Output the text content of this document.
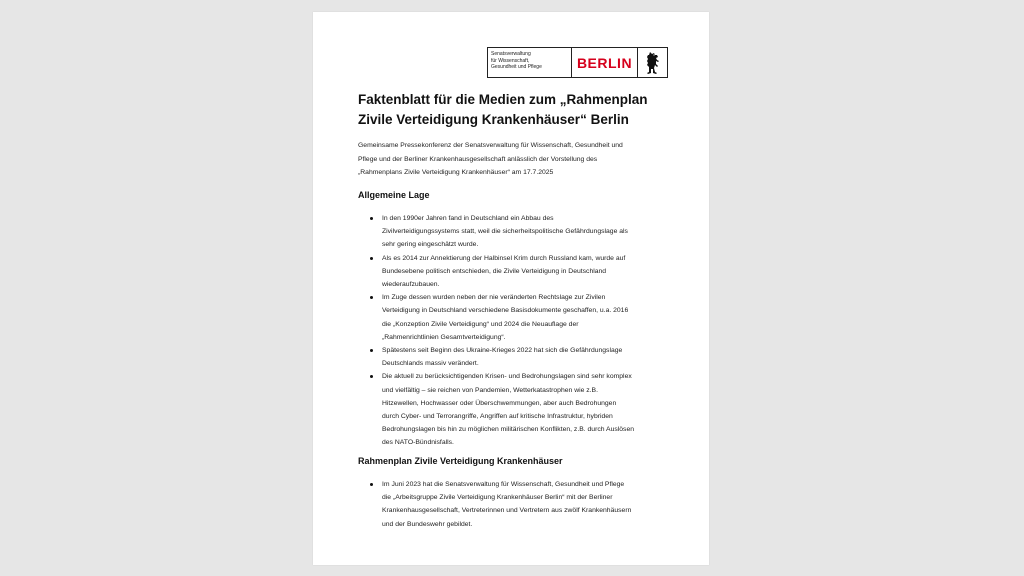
Senatsverwaltung
für Wissenschaft,
Gesundheit und Pflege	BERLIN
Faktenblatt für die Medien zum „Rahmenplan
Zivile Verteidigung Krankenhäuser“ Berlin
Gemeinsame Pressekonferenz der Senatsverwaltung für Wissenschaft, Gesundheit und
Pflege und der Berliner Krankenhausgesellschaft anlässlich der Vorstellung des
„Rahmenplans Zivile Verteidigung Krankenhäuser“ am 17.7.2025
Allgemeine Lage
In den 1990er Jahren fand in Deutschland ein Abbau des
Zivilverteidigungssystems statt, weil die sicherheitspolitische Gefährdungslage als
sehr gering eingeschätzt wurde.
Als es 2014 zur Annektierung der Halbinsel Krim durch Russland kam, wurde auf
Bundesebene politisch entschieden, die Zivile Verteidigung in Deutschland
wiederaufzubauen.
Im Zuge dessen wurden neben der nie veränderten Rechtslage zur Zivilen
Verteidigung in Deutschland verschiedene Basisdokumente geschaffen, u.a. 2016
die „Konzeption Zivile Verteidigung“ und 2024 die Neuauflage der
„Rahmenrichtlinien Gesamtverteidigung“.
Spätestens seit Beginn des Ukraine-Krieges 2022 hat sich die Gefährdungslage
Deutschlands massiv verändert.
Die aktuell zu berücksichtigenden Krisen- und Bedrohungslagen sind sehr komplex
und vielfältig – sie reichen von Pandemien, Wetterkatastrophen wie z.B.
Hitzewellen, Hochwasser oder Überschwemmungen, aber auch Bedrohungen
durch Cyber- und Terrorangriffe, Angriffen auf kritische Infrastruktur, hybriden
Bedrohungslagen bis hin zu möglichen militärischen Konflikten, z.B. durch Auslösen
des NATO-Bündnisfalls.
Rahmenplan Zivile Verteidigung Krankenhäuser
Im Juni 2023 hat die Senatsverwaltung für Wissenschaft, Gesundheit und Pflege
die „Arbeitsgruppe Zivile Verteidigung Krankenhäuser Berlin“ mit der Berliner
Krankenhausgesellschaft, Vertreterinnen und Vertretern aus zwölf Krankenhäusern
und der Bundeswehr gebildet.
